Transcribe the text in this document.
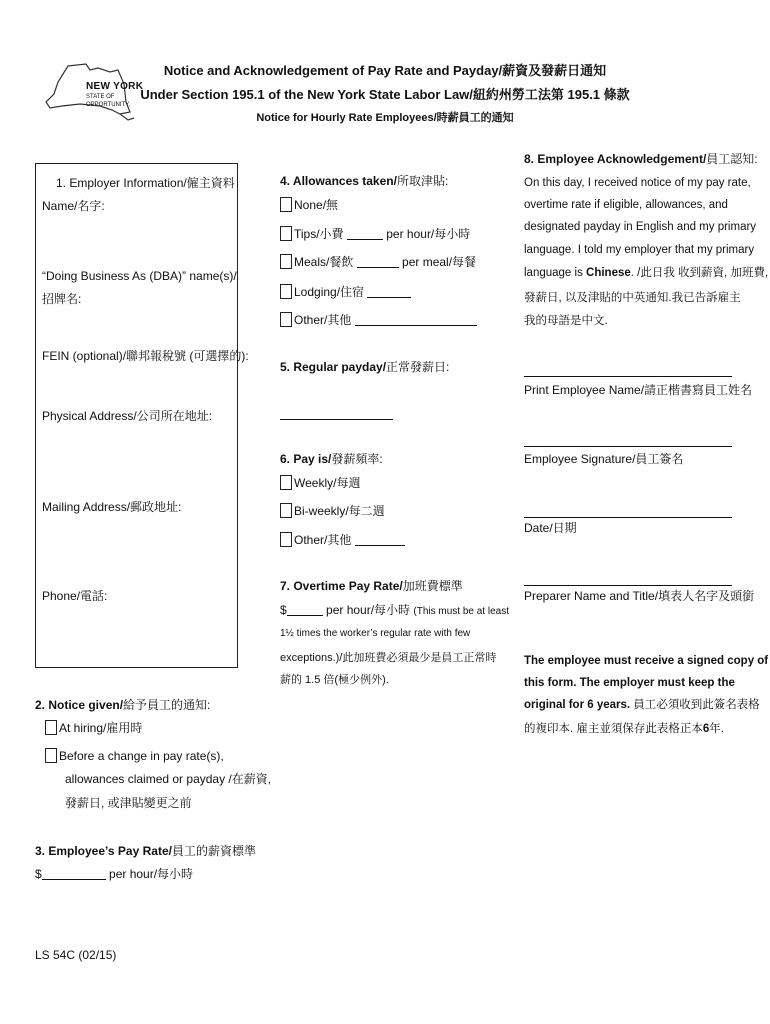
NEW YORK
STATE OF
OPPORTUNITY.
Notice and Acknowledgement of Pay Rate and Payday/薪資及發薪日通知
Under Section 195.1 of the New York State Labor Law/紐約州勞工法第 195.1 條款
Notice for Hourly Rate Employees/時薪員工的通知
1. Employer Information/僱主資料
Name/名字:
“Doing Business As (DBA)” name(s)/
招牌名:
FEIN (optional)/聯邦報稅號 (可選擇的):
Physical Address/公司所在地址:
Mailing Address/郵政地址:
Phone/電話:
2. Notice given/給予員工的通知:
At hiring/雇用時
Before a change in pay rate(s),
allowances claimed or payday /在薪資,
發薪日, 或津貼變更之前
3. Employee’s Pay Rate/員工的薪資標準
$	per hour/每小時
4. Allowances taken/所取津貼:
None/無
Tips/小費	per hour/每小時
Meals/餐飲	per meal/每餐
Lodging/住宿
Other/其他
5. Regular payday/正常發薪日:
6. Pay is/發薪頻率:
Weekly/每週
Bi-weekly/每二週
Other/其他
7. Overtime Pay Rate/加班費標準
$	per hour/每小時 (This must be at least
1½ times the worker’s regular rate with few
exceptions.)/此加班費必須最少是員工正常時
薪的 1.5 倍(極少例外).
8. Employee Acknowledgement/員工認知:
On this day, I received notice of my pay rate,
overtime rate if eligible, allowances, and
designated payday in English and my primary
language. I told my employer that my primary
language is Chinese. /此日我 收到薪資, 加班費,
發薪日, 以及津貼的中英通知.我已告訴雇主
我的母語是中文.
Print Employee Name/請正楷書寫員工姓名
Employee Signature/員工簽名
Date/日期
Preparer Name and Title/填表人名字及頭銜
The employee must receive a signed copy of
this form. The employer must keep the
original for 6 years. 員工必須收到此簽名表格
的複印本. 雇主並須保存此表格正本6年.
LS 54C (02/15)
